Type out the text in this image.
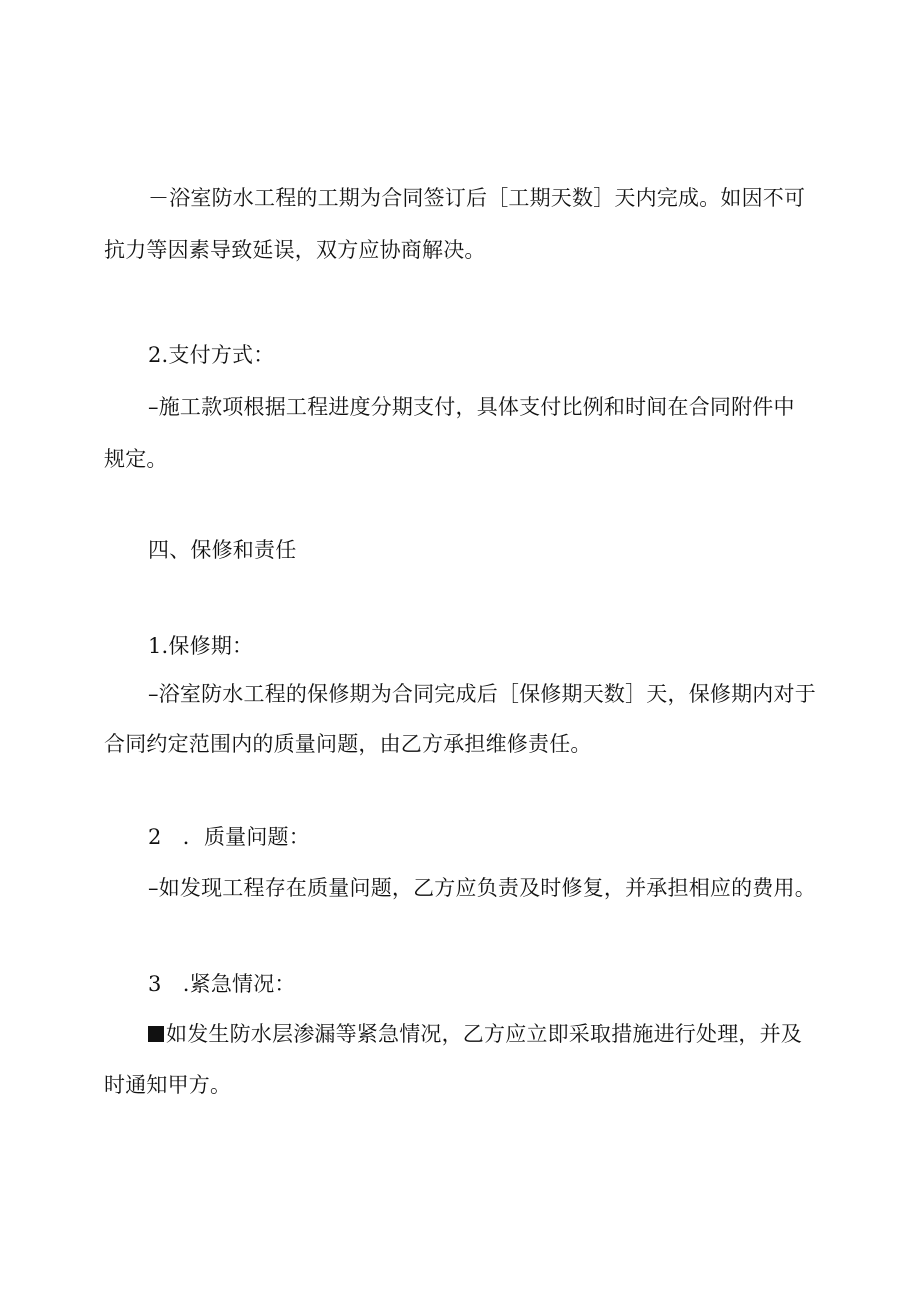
－浴室防水工程的工期为合同签订后［工期天数］天内完成。如因不可
抗力等因素导致延误，双方应协商解决。
2.支付方式：
–施工款项根据工程进度分期支付，具体支付比例和时间在合同附件中
规定。
四、保修和责任
1.保修期：
–浴室防水工程的保修期为合同完成后［保修期天数］天，保修期内对于
合同约定范围内的质量问题，由乙方承担维修责任。
2　．质量问题：
–如发现工程存在质量问题，乙方应负责及时修复，并承担相应的费用。
3　.紧急情况：
如发生防水层渗漏等紧急情况，乙方应立即采取措施进行处理，并及
时通知甲方。
